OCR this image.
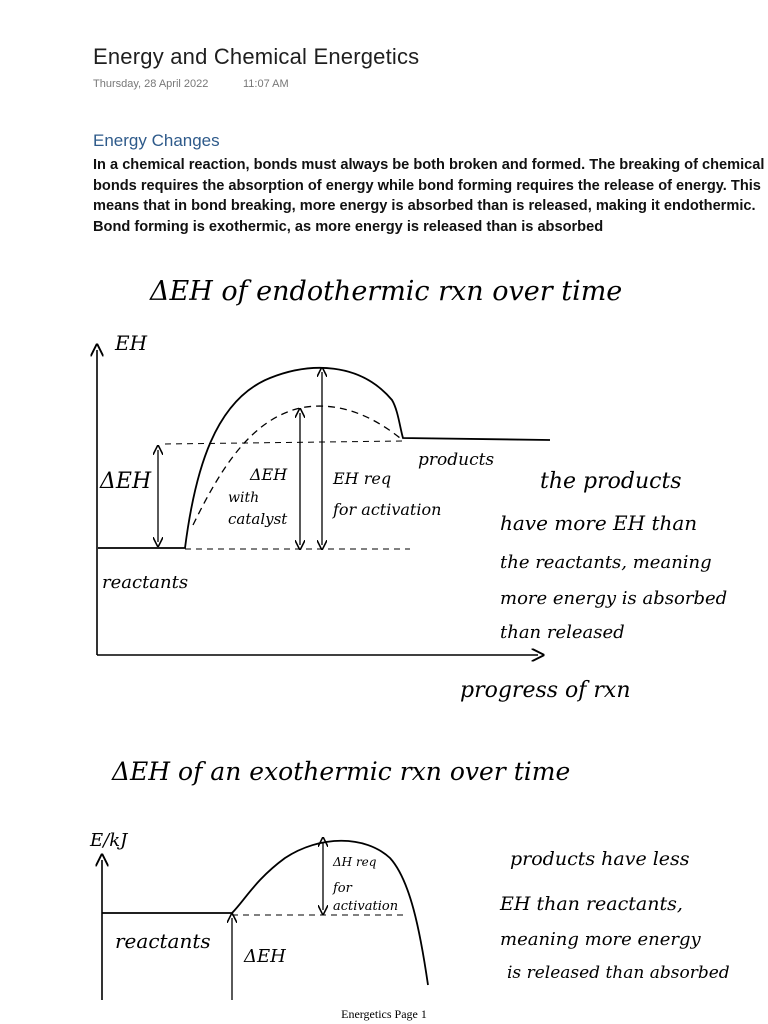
Energy and Chemical Energetics
Thursday, 28 April 2022	11:07 AM
Energy Changes
In a chemical reaction, bonds must always be both broken and formed. The breaking of chemical bonds requires the absorption of energy while bond forming requires the release of energy. This means that in bond breaking, more energy is absorbed than is released, making it endothermic. Bond forming is exothermic, as more energy is released than is absorbed
ΔEH of endothermic rxn over time
EH
progress of rxn
ΔEH	ΔEH
with
catalyst
EH req
for activation
products
reactants
the products
have more EH than
the reactants, meaning
more energy is absorbed
than released
ΔEH of an exothermic rxn over time
E/kJ
reactants
ΔEH
ΔH req
for
activation
products have less
EH than reactants,
meaning more energy
is released than absorbed
Energetics Page 1
